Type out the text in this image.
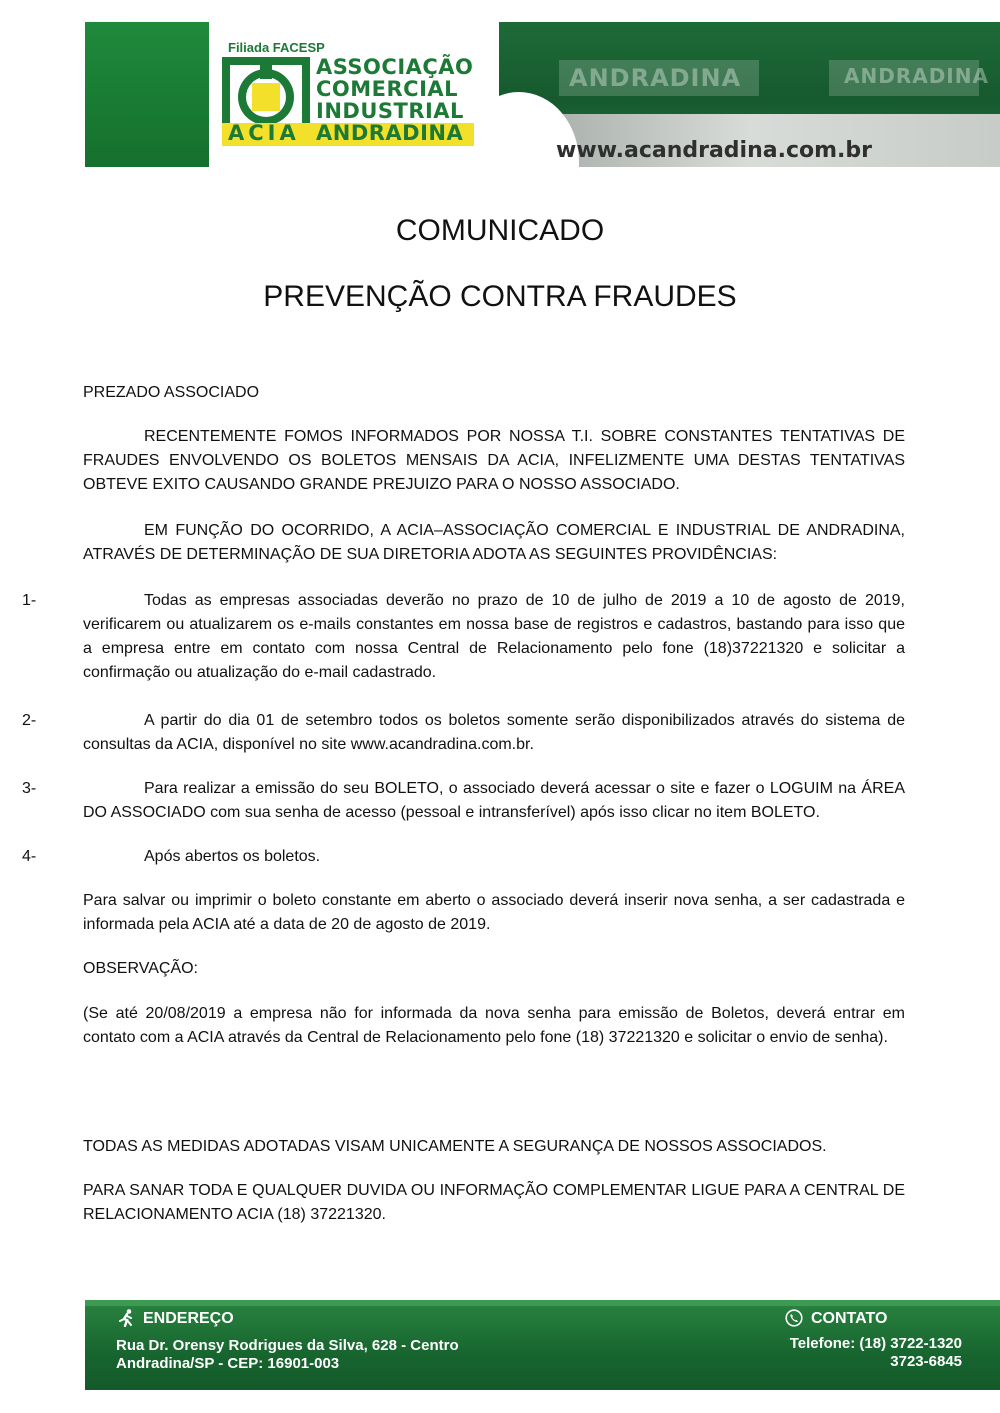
Filiada FACESP
ASSOCIAÇÃO
COMERCIAL
INDUSTRIAL
ACIA ANDRADINA
ANDRADINA	ANDRADINA
www.acandradina.com.br
COMUNICADO
PREVENÇÃO CONTRA FRAUDES

PREZADO ASSOCIADO

RECENTEMENTE FOMOS INFORMADOS POR NOSSA T.I. SOBRE CONSTANTES TENTATIVAS DE FRAUDES ENVOLVENDO OS BOLETOS MENSAIS DA ACIA, INFELIZMENTE UMA DESTAS TENTATIVAS OBTEVE EXITO CAUSANDO GRANDE PREJUIZO PARA O NOSSO ASSOCIADO.

EM FUNÇÃO DO OCORRIDO, A ACIA–ASSOCIAÇÃO COMERCIAL E INDUSTRIAL DE ANDRADINA, ATRAVÉS DE DETERMINAÇÃO DE SUA DIRETORIA ADOTA AS SEGUINTES PROVIDÊNCIAS:

1-	Todas as empresas associadas deverão no prazo de 10 de julho de 2019 a 10 de agosto de 2019, verificarem ou atualizarem os e-mails constantes em nossa base de registros e cadastros, bastando para isso que a empresa entre em contato com nossa Central de Relacionamento pelo fone (18)37221320 e solicitar a confirmação ou atualização do e-mail cadastrado.
2-	A partir do dia 01 de setembro todos os boletos somente serão disponibilizados através do sistema de consultas da ACIA, disponível no site www.acandradina.com.br.
3-	Para realizar a emissão do seu BOLETO, o associado deverá acessar o site e fazer o LOGUIM na ÁREA DO ASSOCIADO com sua senha de acesso (pessoal e intransferível) após isso clicar no item BOLETO.
4-	Após abertos os boletos.

Para salvar ou imprimir o boleto constante em aberto o associado deverá inserir nova senha, a ser cadastrada e informada pela ACIA até a data de 20 de agosto de 2019.

OBSERVAÇÃO:

(Se até 20/08/2019 a empresa não for informada da nova senha para emissão de Boletos, deverá entrar em contato com a ACIA através da Central de Relacionamento pelo fone (18) 37221320 e solicitar o envio de senha).

TODAS AS MEDIDAS ADOTADAS VISAM UNICAMENTE A SEGURANÇA DE NOSSOS ASSOCIADOS.

PARA SANAR TODA E QUALQUER DUVIDA OU INFORMAÇÃO COMPLEMENTAR LIGUE PARA A CENTRAL DE RELACIONAMENTO ACIA (18) 37221320.

ENDEREÇO
Rua Dr. Orensy Rodrigues da Silva, 628 - Centro
Andradina/SP - CEP: 16901-003
CONTATO
Telefone: (18) 3722-1320
3723-6845
